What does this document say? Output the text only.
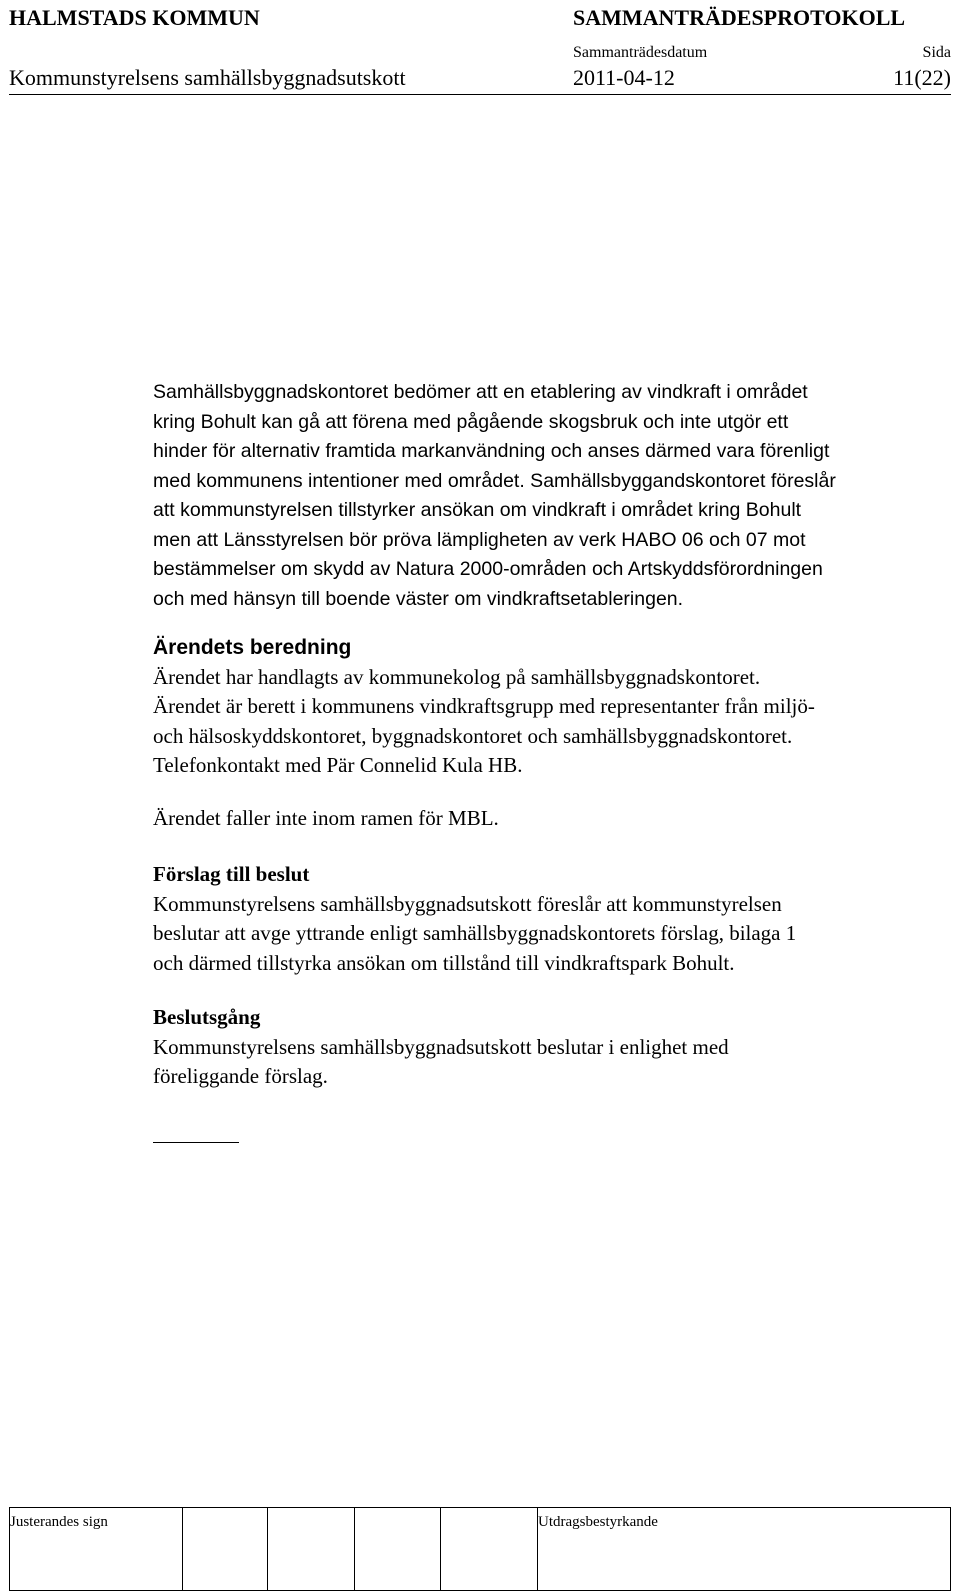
HALMSTADS KOMMUN	SAMMANTRÄDESPROTOKOLL
Sammanträdesdatum	Sida
Kommunstyrelsens samhällsbyggnadsutskott	2011-04-12	11(22)
Samhällsbyggnadskontoret bedömer att en etablering av vindkraft i området
kring Bohult kan gå att förena med pågående skogsbruk och inte utgör ett
hinder för alternativ framtida markanvändning och anses därmed vara förenligt
med kommunens intentioner med området. Samhällsbyggandskontoret föreslår
att kommunstyrelsen tillstyrker ansökan om vindkraft i området kring Bohult
men att Länsstyrelsen bör pröva lämpligheten av verk HABO 06 och 07 mot
bestämmelser om skydd av Natura 2000-områden och Artskyddsförordningen
och med hänsyn till boende väster om vindkraftsetableringen.
Ärendets beredning
Ärendet har handlagts av kommunekolog på samhällsbyggnadskontoret.
Ärendet är berett i kommunens vindkraftsgrupp med representanter från miljö-
och hälsoskyddskontoret, byggnadskontoret och samhällsbyggnadskontoret.
Telefonkontakt med Pär Connelid Kula HB.
Ärendet faller inte inom ramen för MBL.
Förslag till beslut
Kommunstyrelsens samhällsbyggnadsutskott föreslår att kommunstyrelsen
beslutar att avge yttrande enligt samhällsbyggnadskontorets förslag, bilaga 1
och därmed tillstyrka ansökan om tillstånd till vindkraftspark Bohult.
Beslutsgång
Kommunstyrelsens samhällsbyggnadsutskott beslutar i enlighet med
föreliggande förslag.
Justerandes sign	Utdragsbestyrkande
